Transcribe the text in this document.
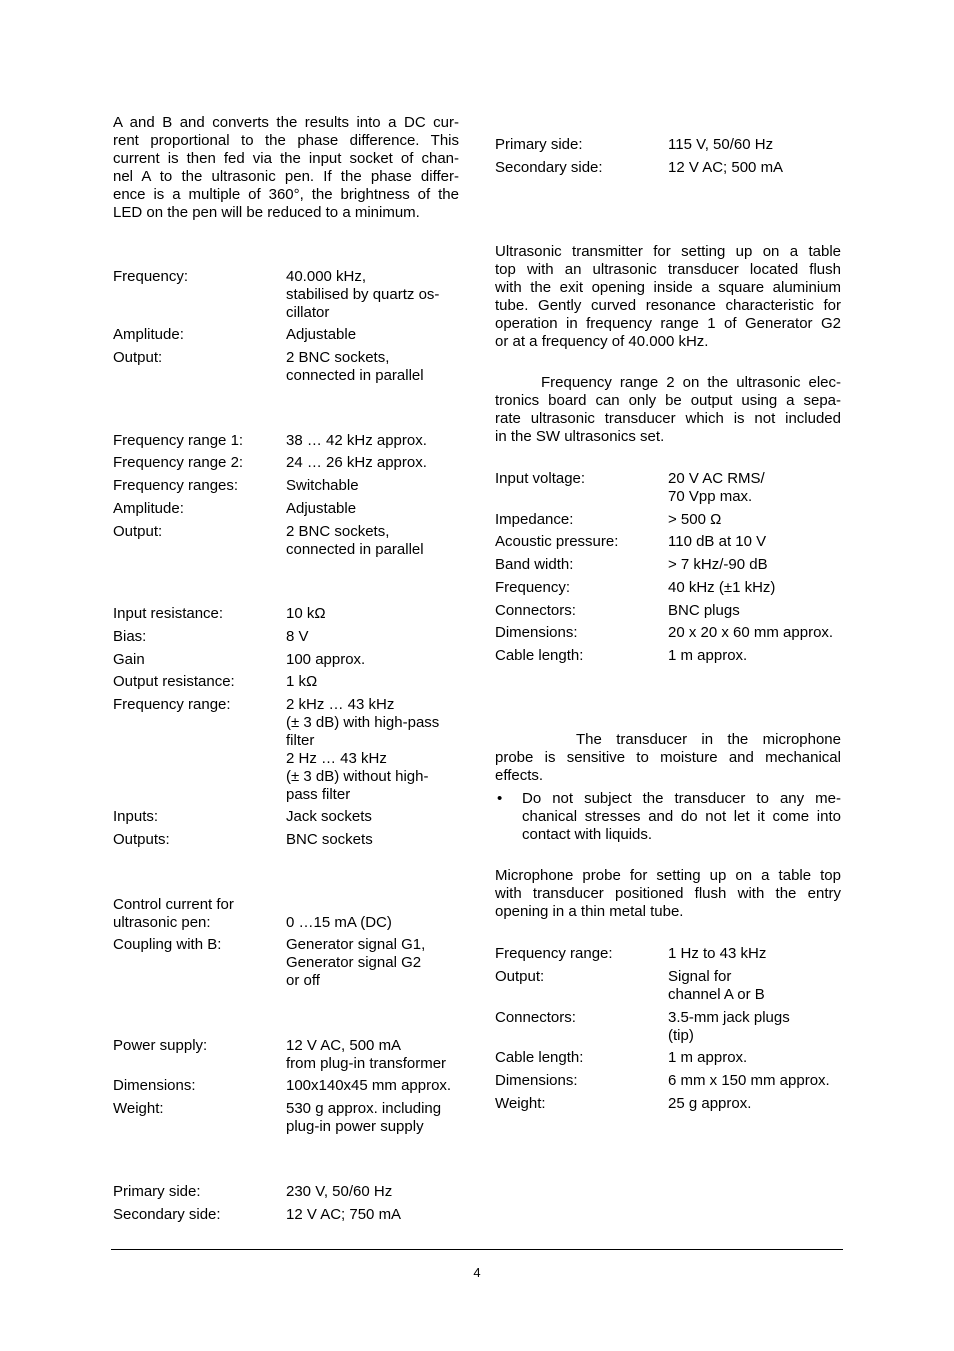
A and B and converts the results into a DC cur-
rent proportional to the phase difference. This
current is then fed via the input socket of chan-
nel A to the ultrasonic pen. If the phase differ-
ence is a multiple of 360°, the brightness of the
LED on the pen will be reduced to a minimum.
Frequency:	40.000 kHz,
stabilised by quartz os-
cillator
Amplitude:	Adjustable
Output:	2 BNC sockets,
connected in parallel
Frequency range 1:	38 … 42 kHz approx.
Frequency range 2:	24 … 26 kHz approx.
Frequency ranges:	Switchable
Amplitude:	Adjustable
Output:	2 BNC sockets,
connected in parallel
Input resistance:	10 kΩ
Bias:	8 V
Gain	100 approx.
Output resistance:	1 kΩ
Frequency range:	2 kHz … 43 kHz
(± 3 dB) with high-pass
filter
2 Hz … 43 kHz
(± 3 dB) without high-
pass filter
Inputs:	Jack sockets
Outputs:	BNC sockets
Control current for
ultrasonic pen:
	0 …15 mA (DC)
Coupling with B:	Generator signal G1,
Generator signal G2
or off
Power supply:	12 V AC, 500 mA
from plug-in transformer
Dimensions:	100x140x45 mm approx.
Weight:	530 g approx. including
plug-in power supply
Primary side:	230 V, 50/60 Hz
Secondary side:	12 V AC; 750 mA
Primary side:	115 V, 50/60 Hz
Secondary side:	12 V AC; 500 mA
Ultrasonic transmitter for setting up on a table
top with an ultrasonic transducer located flush
with the exit opening inside a square aluminium
tube. Gently curved resonance characteristic for
operation in frequency range 1 of Generator G2
or at a frequency of 40.000 kHz.
Frequency range 2 on the ultrasonic elec-
tronics board can only be output using a sepa-
rate ultrasonic transducer which is not included
in the SW ultrasonics set.
Input voltage:	20 V AC RMS/
70 Vpp max.
Impedance:	> 500 Ω
Acoustic pressure:	110 dB at 10 V
Band width:	> 7 kHz/-90 dB
Frequency:	40 kHz (±1 kHz)
Connectors:	BNC plugs
Dimensions:	20 x 20 x 60 mm approx.
Cable length:	1 m approx.
The transducer in the microphone
probe is sensitive to moisture and mechanical
effects.
• Do not subject the transducer to any me-
chanical stresses and do not let it come into
contact with liquids.
Microphone probe for setting up on a table top
with transducer positioned flush with the entry
opening in a thin metal tube.
Frequency range:	1 Hz to 43 kHz
Output:	Signal for
channel A or B
Connectors:	3.5-mm jack plugs
(tip)
Cable length:	1 m approx.
Dimensions:	6 mm x 150 mm approx.
Weight:	25 g approx.
4
